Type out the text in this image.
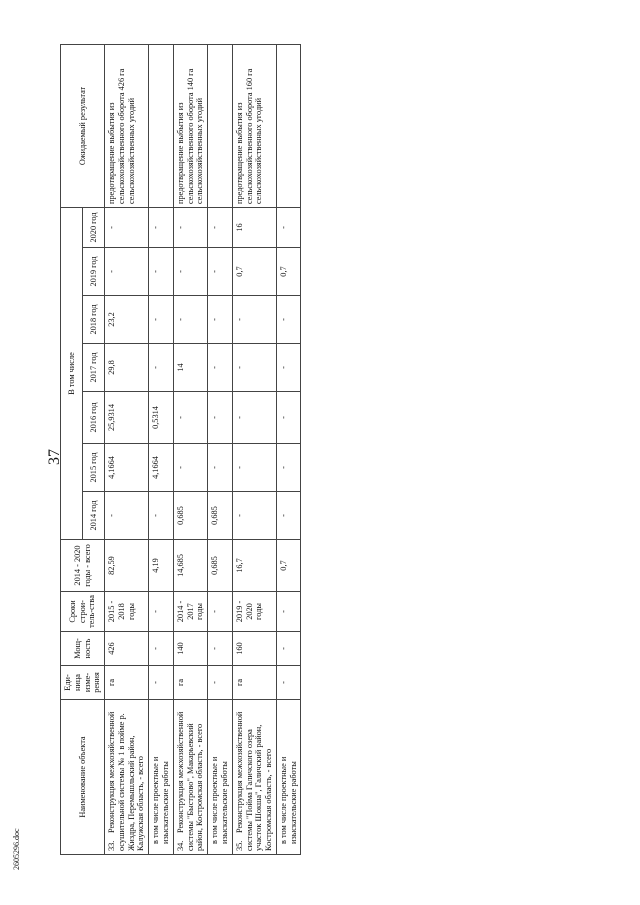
37
2605296.doc
Наименование объекта	Еди-ница изме-рения	Мощ-ность	Сроки строи-тель-ства	2014 - 2020 годы - всего	В том числе							Ожидаемый результат
					2014 год	2015 год	2016 год	2017 год	2018 год	2019 год	2020 год	
33.Реконструкция межхозяйственной осушительной системы № 1 в пойме р. Жиздра, Перемышльский район, Калужская область, - всего	га	426	2015 - 2018 годы	82,59	-	4,1664	25,9314	29,8	23,2	-	-	предотвращение выбытия из сельскохозяйственного оборота 426 га сельскохозяйственных угодий
в том числе проектные и изыскательские работы	-	-	-	4,19	-	4,1664	0,5314	-	-	-	-	
34.Реконструкция межхозяйственной системы "Быстрово", Макарьевский район, Костромская область, - всего	га	140	2014 - 2017 годы	14,685	0,685	-	-	14	-	-	-	предотвращение выбытия из сельскохозяйственного оборота 140 га сельскохозяйственных угодий
в том числе проектные и изыскательские работы	-	-	-	0,685	0,685	-	-	-	-	-	-	
35.Реконструкция межхозяйственной системы "Пойма Галичского озера участок Шокша", Галичский район, Костромская область, - всего	га	160	2019 - 2020 годы	16,7	-	-	-	-	-	0,7	16	предотвращение выбытия из сельскохозяйственного оборота 160 га сельскохозяйственных угодий
в том числе проектные и изыскательские работы	-	-	-	0,7	-	-	-	-	-	0,7	-	
